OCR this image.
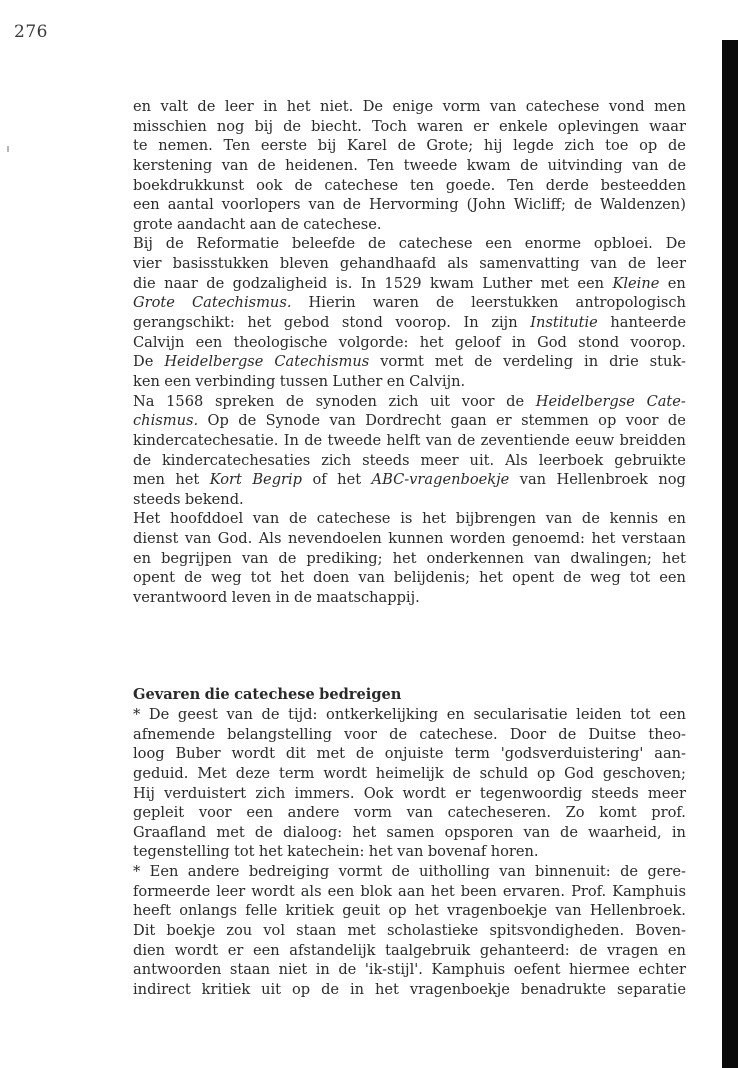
276
en valt de leer in het niet. De enige vorm van catechese vond men
misschien nog bij de biecht. Toch waren er enkele oplevingen waar
te nemen. Ten eerste bij Karel de Grote; hij legde zich toe op de
kerstening van de heidenen. Ten tweede kwam de uitvinding van de
boekdrukkunst ook de catechese ten goede. Ten derde besteedden
een aantal voorlopers van de Hervorming (John Wicliff; de Waldenzen)
grote aandacht aan de catechese.
Bij de Reformatie beleefde de catechese een enorme opbloei. De
vier basisstukken bleven gehandhaafd als samenvatting van de leer
die naar de godzaligheid is. In 1529 kwam Luther met een Kleine en
Grote Catechismus. Hierin waren de leerstukken antropologisch
gerangschikt: het gebod stond voorop. In zijn Institutie hanteerde
Calvijn een theologische volgorde: het geloof in God stond voorop.
De Heidelbergse Catechismus vormt met de verdeling in drie stuk-
ken een verbinding tussen Luther en Calvijn.
Na 1568 spreken de synoden zich uit voor de Heidelbergse Cate-
chismus. Op de Synode van Dordrecht gaan er stemmen op voor de
kindercatechesatie. In de tweede helft van de zeventiende eeuw breidden
de kindercatechesaties zich steeds meer uit. Als leerboek gebruikte
men het Kort Begrip of het ABC-vragenboekje van Hellenbroek nog
steeds bekend.
Het hoofddoel van de catechese is het bijbrengen van de kennis en
dienst van God. Als nevendoelen kunnen worden genoemd: het verstaan
en begrijpen van de prediking; het onderkennen van dwalingen; het
opent de weg tot het doen van belijdenis; het opent de weg tot een
verantwoord leven in de maatschappij.
Gevaren die catechese bedreigen
* De geest van de tijd: ontkerkelijking en secularisatie leiden tot een
afnemende belangstelling voor de catechese. Door de Duitse theo-
loog Buber wordt dit met de onjuiste term 'godsverduistering' aan-
geduid. Met deze term wordt heimelijk de schuld op God geschoven;
Hij verduistert zich immers. Ook wordt er tegenwoordig steeds meer
gepleit voor een andere vorm van catecheseren. Zo komt prof.
Graafland met de dialoog: het samen opsporen van de waarheid, in
tegenstelling tot het katechein: het van bovenaf horen.
* Een andere bedreiging vormt de uitholling van binnenuit: de gere-
formeerde leer wordt als een blok aan het been ervaren. Prof. Kamphuis
heeft onlangs felle kritiek geuit op het vragenboekje van Hellenbroek.
Dit boekje zou vol staan met scholastieke spitsvondigheden. Boven-
dien wordt er een afstandelijk taalgebruik gehanteerd: de vragen en
antwoorden staan niet in de 'ik-stijl'. Kamphuis oefent hiermee echter
indirect kritiek uit op de in het vragenboekje benadrukte separatie
